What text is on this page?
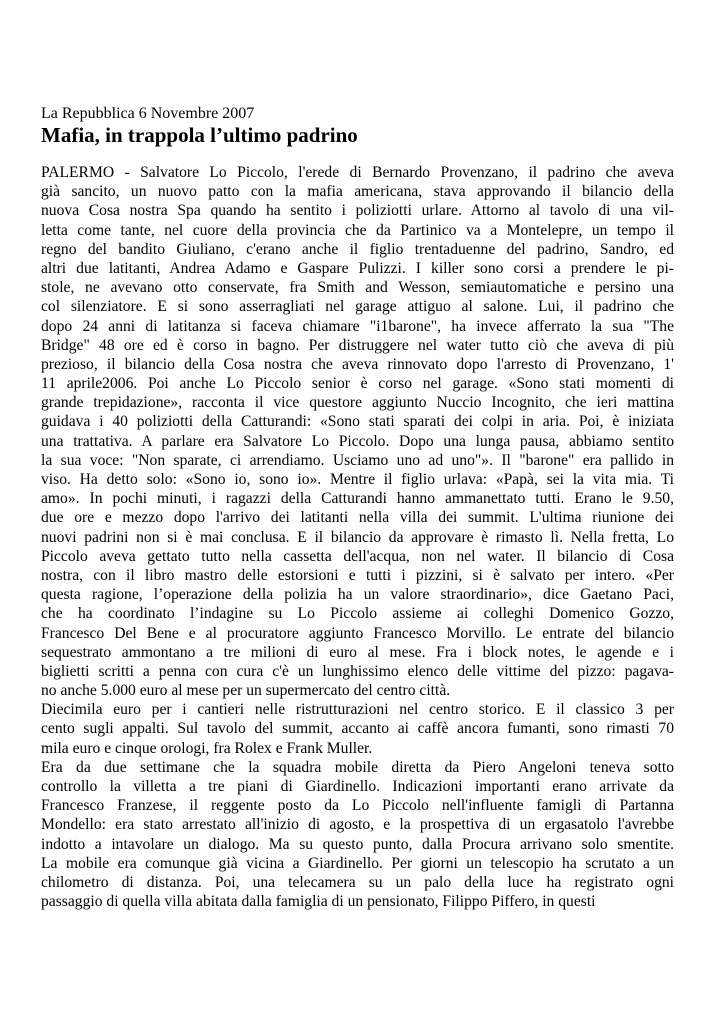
La Repubblica 6 Novembre 2007

Mafia, in trappola l’ultimo padrino
PALERMO - Salvatore Lo Piccolo, l'erede di Bernardo Provenzano, il padrino che aveva
già sancito, un nuovo patto con la mafia americana, stava approvando il bilancio della
nuova Cosa nostra Spa quando ha sentito i poliziotti urlare. Attorno al tavolo di una vil-
letta come tante, nel cuore della provincia che da Partinico va a Montelepre, un tempo il
regno del bandito Giuliano, c'erano anche il figlio trentaduenne del padrino, Sandro, ed
altri due latitanti, Andrea Adamo e Gaspare Pulizzi. I killer sono corsi a prendere le pi-
stole, ne avevano otto conservate, fra Smith and Wesson, semiautomatiche e persino una
col silenziatore. E si sono asserragliati nel garage attiguo al salone. Lui, il padrino che
dopo 24 anni di latitanza si faceva chiamare "i1barone", ha invece afferrato la sua "The
Bridge" 48 ore ed è corso in bagno. Per distruggere nel water tutto ciò che aveva di più
prezioso, il bilancio della Cosa nostra che aveva rinnovato dopo l'arresto di Provenzano, 1'
11 aprile2006. Poi anche Lo Piccolo senior è corso nel garage. «Sono stati momenti di
grande trepidazione», racconta il vice questore aggiunto Nuccio Incognito, che ieri mattina
guidava i 40 poliziotti della Catturandi: «Sono stati sparati dei colpi in aria. Poi, è iniziata
una trattativa. A parlare era Salvatore Lo Piccolo. Dopo una lunga pausa, abbiamo sentito
la sua voce: "Non sparate, ci arrendiamo. Usciamo uno ad uno"». Il "barone" era pallido in
viso. Ha detto solo: «Sono io, sono io». Mentre il figlio urlava: «Papà, sei la vita mia. Ti
amo». In pochi minuti, i ragazzi della Catturandi hanno ammanettato tutti. Erano le 9.50,
due ore e mezzo dopo l'arrivo dei latitanti nella villa dei summit. L'ultima riunione dei
nuovi padrini non si è mai conclusa. E il bilancio da approvare è rimasto lì. Nella fretta, Lo
Piccolo aveva gettato tutto nella cassetta dell'acqua, non nel water. Il bilancio di Cosa
nostra, con il libro mastro delle estorsioni e tutti i pizzini, si è salvato per intero. «Per
questa ragione, l’operazione della polizia ha un valore straordinario», dice Gaetano Paci,
che ha coordinato l’indagine su Lo Piccolo assieme ai colleghi Domenico Gozzo,
Francesco Del Bene e al procuratore aggiunto Francesco Morvillo. Le entrate del bilancio
sequestrato ammontano a tre milioni di euro al mese. Fra i block notes, le agende e i
biglietti scritti a penna con cura c'è un lunghissimo elenco delle vittime del pizzo: pagava-
no anche 5.000 euro al mese per un supermercato del centro città.
Diecimila euro per i cantieri nelle ristrutturazioni nel centro storico. E il classico 3 per
cento sugli appalti. Sul tavolo del summit, accanto ai caffè ancora fumanti, sono rimasti 70
mila euro e cinque orologi, fra Rolex e Frank Muller.
Era da due settimane che la squadra mobile diretta da Piero Angeloni teneva sotto
controllo la villetta a tre piani di Giardinello. Indicazioni importanti erano arrivate da
Francesco Franzese, il reggente posto da Lo Piccolo nell'influente famigli di Partanna
Mondello: era stato arrestato all'inizio di agosto, e la prospettiva di un ergasatolo l'avrebbe
indotto a intavolare un dialogo. Ma su questo punto, dalla Procura arrivano solo smentite.
La mobile era comunque già vicina a Giardinello. Per giorni un telescopio ha scrutato a un
chilometro di distanza. Poi, una telecamera su un palo della luce ha registrato ogni
passaggio di quella villa abitata dalla famiglia di un pensionato, Filippo Piffero, in questi
